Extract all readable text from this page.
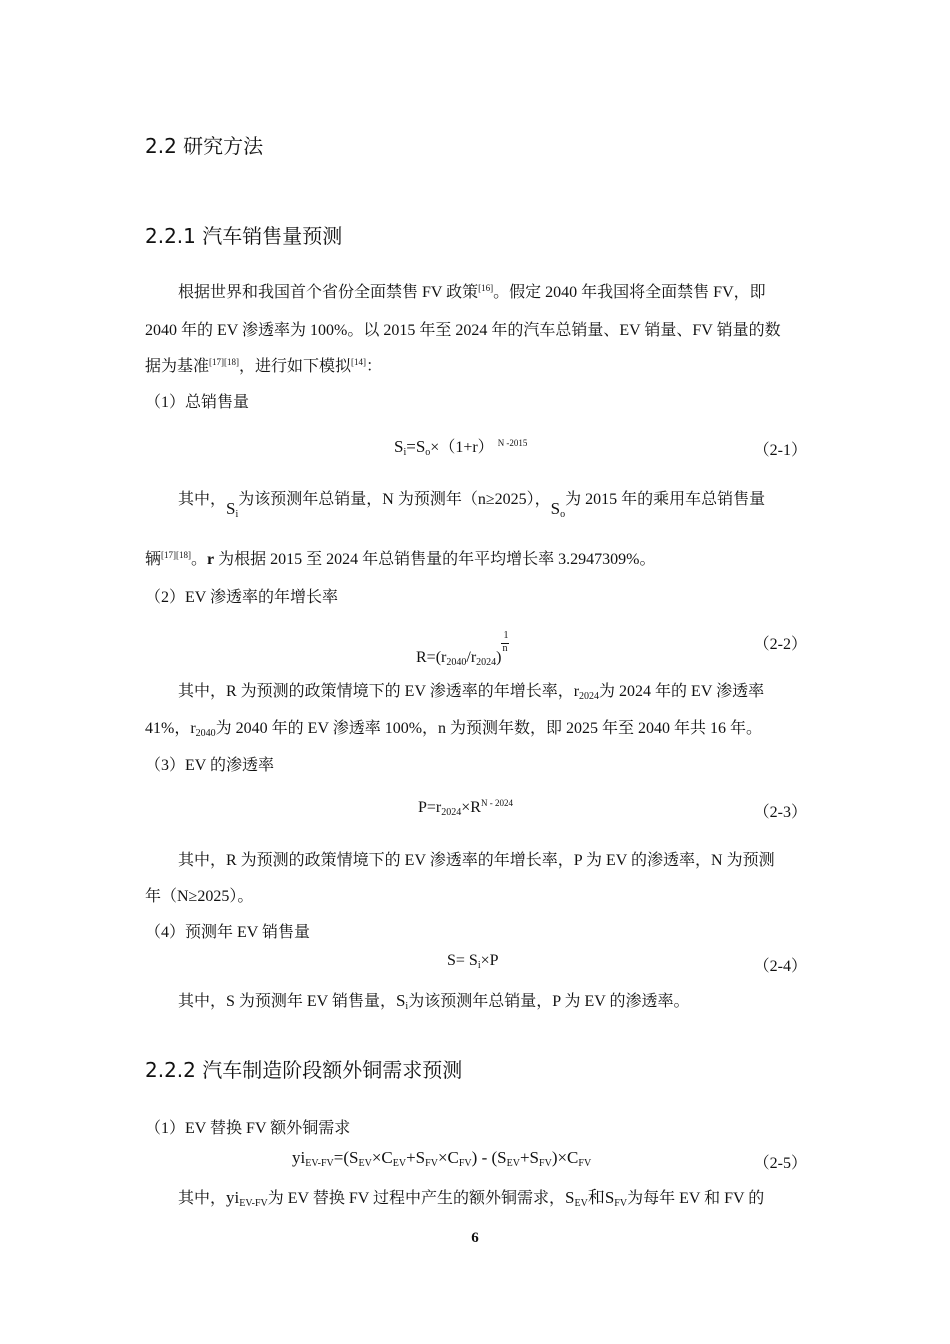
2.2 研究方法
2.2.1 汽车销售量预测
根据世界和我国首个省份全面禁售 FV 政策[16]。假定 2040 年我国将全面禁售 FV，即
2040 年的 EV 渗透率为 100%。以 2015 年至 2024 年的汽车总销量、EV 销量、FV 销量的数
据为基准[17][18]，进行如下模拟[14]：
（1）总销售量
$S_i=S_o\times(1+r)$ $^{N -2015}$	（2-1）
其中，$S_i$为该预测年总销量，N 为预测年（n≥2025），$S_o$为 2015 年的乘用车总销售量
辆[17][18]。r 为根据 2015 至 2024 年总销售量的年平均增长率 3.2947309%。
（2）EV 渗透率的年增长率
$R=(r_{2040}/r_{2024})$
$\frac{1}{n}$	（2-2）
其中，R 为预测的政策情境下的 EV 渗透率的年增长率，$r_{2024}$为 2024 年的 EV 渗透率
41%，$r_{2040}$为 2040 年的 EV 渗透率 100%，n 为预测年数，即 2025 年至 2040 年共 16 年。
（3）EV 的渗透率
$P=r_{2024}\times R^{N - 2024}$
（2-3）
其中，R 为预测的政策情境下的 EV 渗透率的年增长率，P 为 EV 的渗透率，N 为预测
年（N≥2025）。
（4）预测年 EV 销售量
$S= S_i\times P$	（2-4）
其中，S 为预测年 EV 销售量，$S_i$为该预测年总销量，P 为 EV 的渗透率。
2.2.2 汽车制造阶段额外铜需求预测
（1）EV 替换 FV 额外铜需求
$yi_{EV-FV}=(S_{EV}\times C_{EV}+S_{FV}\times C_{FV}) - (S_{EV}+S_{FV})\times C_{FV}$	（2-5）
其中，$yi_{EV-FV}$为 EV 替换 FV 过程中产生的额外铜需求，$S_{EV}$和$S_{FV}$为每年 EV 和 FV 的
6
